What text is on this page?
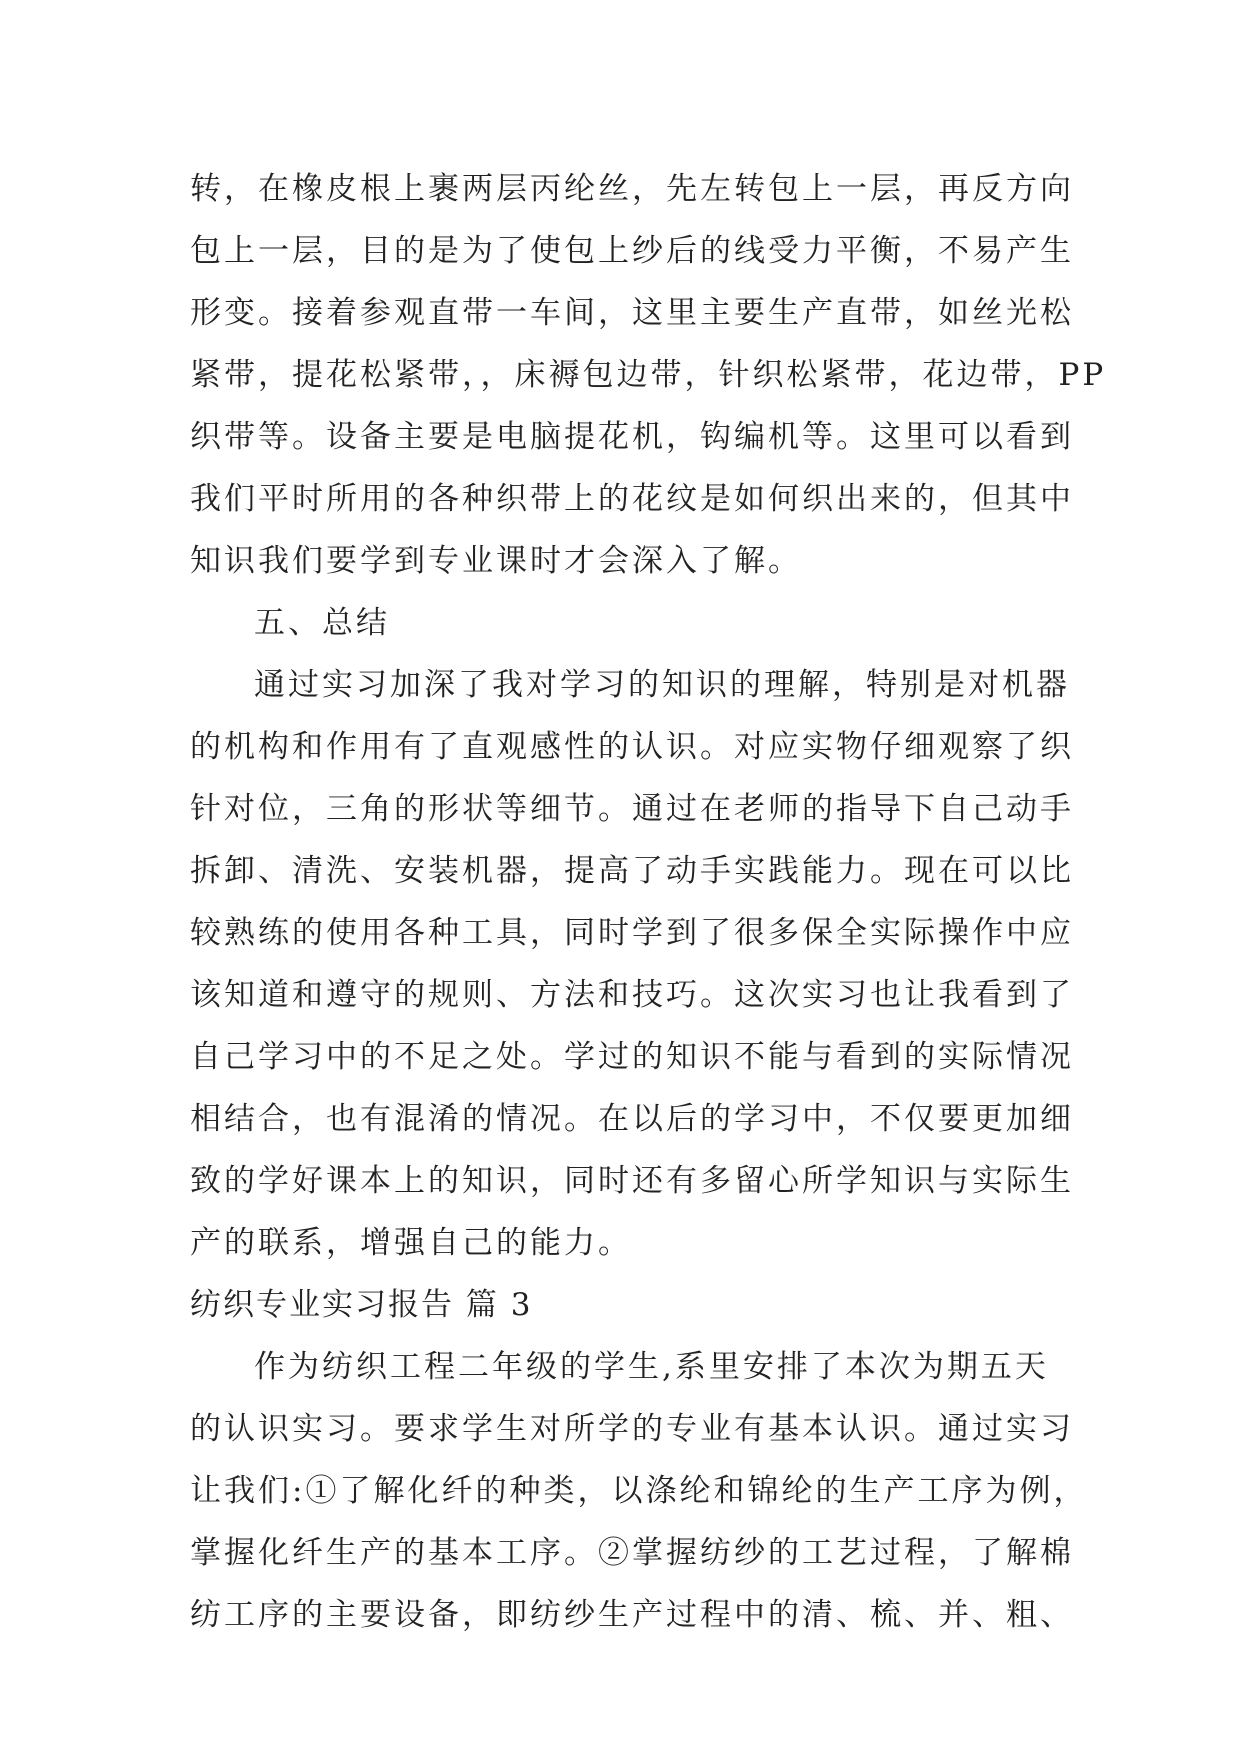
转，在橡皮根上裹两层丙纶丝，先左转包上一层，再反方向
包上一层，目的是为了使包上纱后的线受力平衡，不易产生
形变。接着参观直带一车间，这里主要生产直带，如丝光松
紧带，提花松紧带，，床褥包边带，针织松紧带，花边带，PP
织带等。设备主要是电脑提花机，钩编机等。这里可以看到
我们平时所用的各种织带上的花纹是如何织出来的，但其中
知识我们要学到专业课时才会深入了解。
五、总结
通过实习加深了我对学习的知识的理解，特别是对机器
的机构和作用有了直观感性的认识。对应实物仔细观察了织
针对位，三角的形状等细节。通过在老师的指导下自己动手
拆卸、清洗、安装机器，提高了动手实践能力。现在可以比
较熟练的使用各种工具，同时学到了很多保全实际操作中应
该知道和遵守的规则、方法和技巧。这次实习也让我看到了
自己学习中的不足之处。学过的知识不能与看到的实际情况
相结合，也有混淆的情况。在以后的学习中，不仅要更加细
致的学好课本上的知识，同时还有多留心所学知识与实际生
产的联系，增强自己的能力。
纺织专业实习报告 篇 3
作为纺织工程二年级的学生,系里安排了本次为期五天
的认识实习。要求学生对所学的专业有基本认识。通过实习
让我们:①了解化纤的种类，以涤纶和锦纶的生产工序为例，
掌握化纤生产的基本工序。②掌握纺纱的工艺过程，了解棉
纺工序的主要设备，即纺纱生产过程中的清、梳、并、粗、
